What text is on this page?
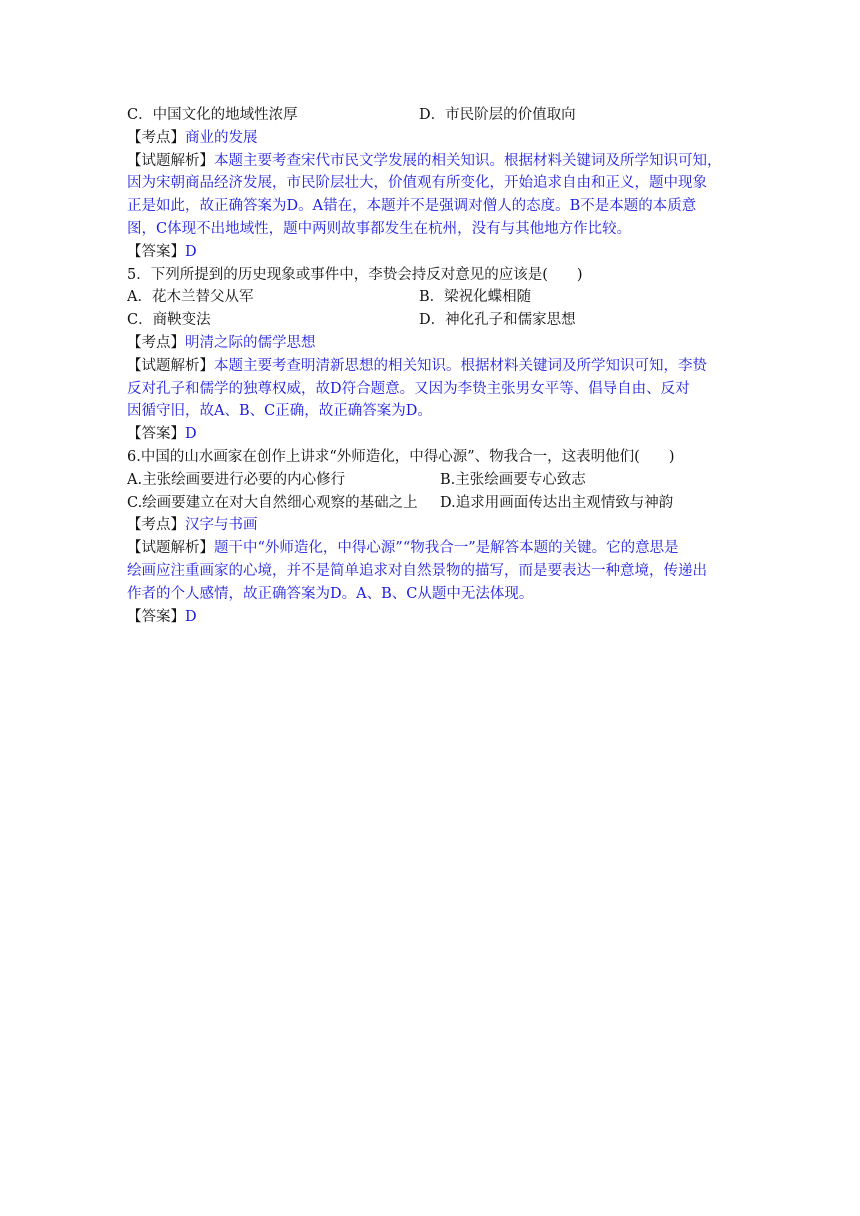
C．中国文化的地域性浓厚	D．市民阶层的价值取向
【考点】商业的发展
【试题解析】本题主要考查宋代市民文学发展的相关知识。根据材料关键词及所学知识可知，
因为宋朝商品经济发展，市民阶层壮大，价值观有所变化，开始追求自由和正义，题中现象
正是如此，故正确答案为D。A错在，本题并不是强调对僧人的态度。B不是本题的本质意
图，C体现不出地域性，题中两则故事都发生在杭州，没有与其他地方作比较。
【答案】D
5．下列所提到的历史现象或事件中，李贽会持反对意见的应该是(　　)
A．花木兰替父从军	B．梁祝化蝶相随
C．商鞅变法	D．神化孔子和儒家思想
【考点】明清之际的儒学思想
【试题解析】本题主要考查明清新思想的相关知识。根据材料关键词及所学知识可知，李贽
反对孔子和儒学的独尊权威，故D符合题意。又因为李贽主张男女平等、倡导自由、反对
因循守旧，故A、B、C正确，故正确答案为D。
【答案】D
6.中国的山水画家在创作上讲求“外师造化，中得心源”、物我合一，这表明他们(　　)
A.主张绘画要进行必要的内心修行	B.主张绘画要专心致志
C.绘画要建立在对大自然细心观察的基础之上	D.追求用画面传达出主观情致与神韵
【考点】汉字与书画
【试题解析】题干中“外师造化，中得心源”“物我合一”是解答本题的关键。它的意思是
绘画应注重画家的心境，并不是简单追求对自然景物的描写，而是要表达一种意境，传递出
作者的个人感情，故正确答案为D。A、B、C从题中无法体现。
【答案】D
